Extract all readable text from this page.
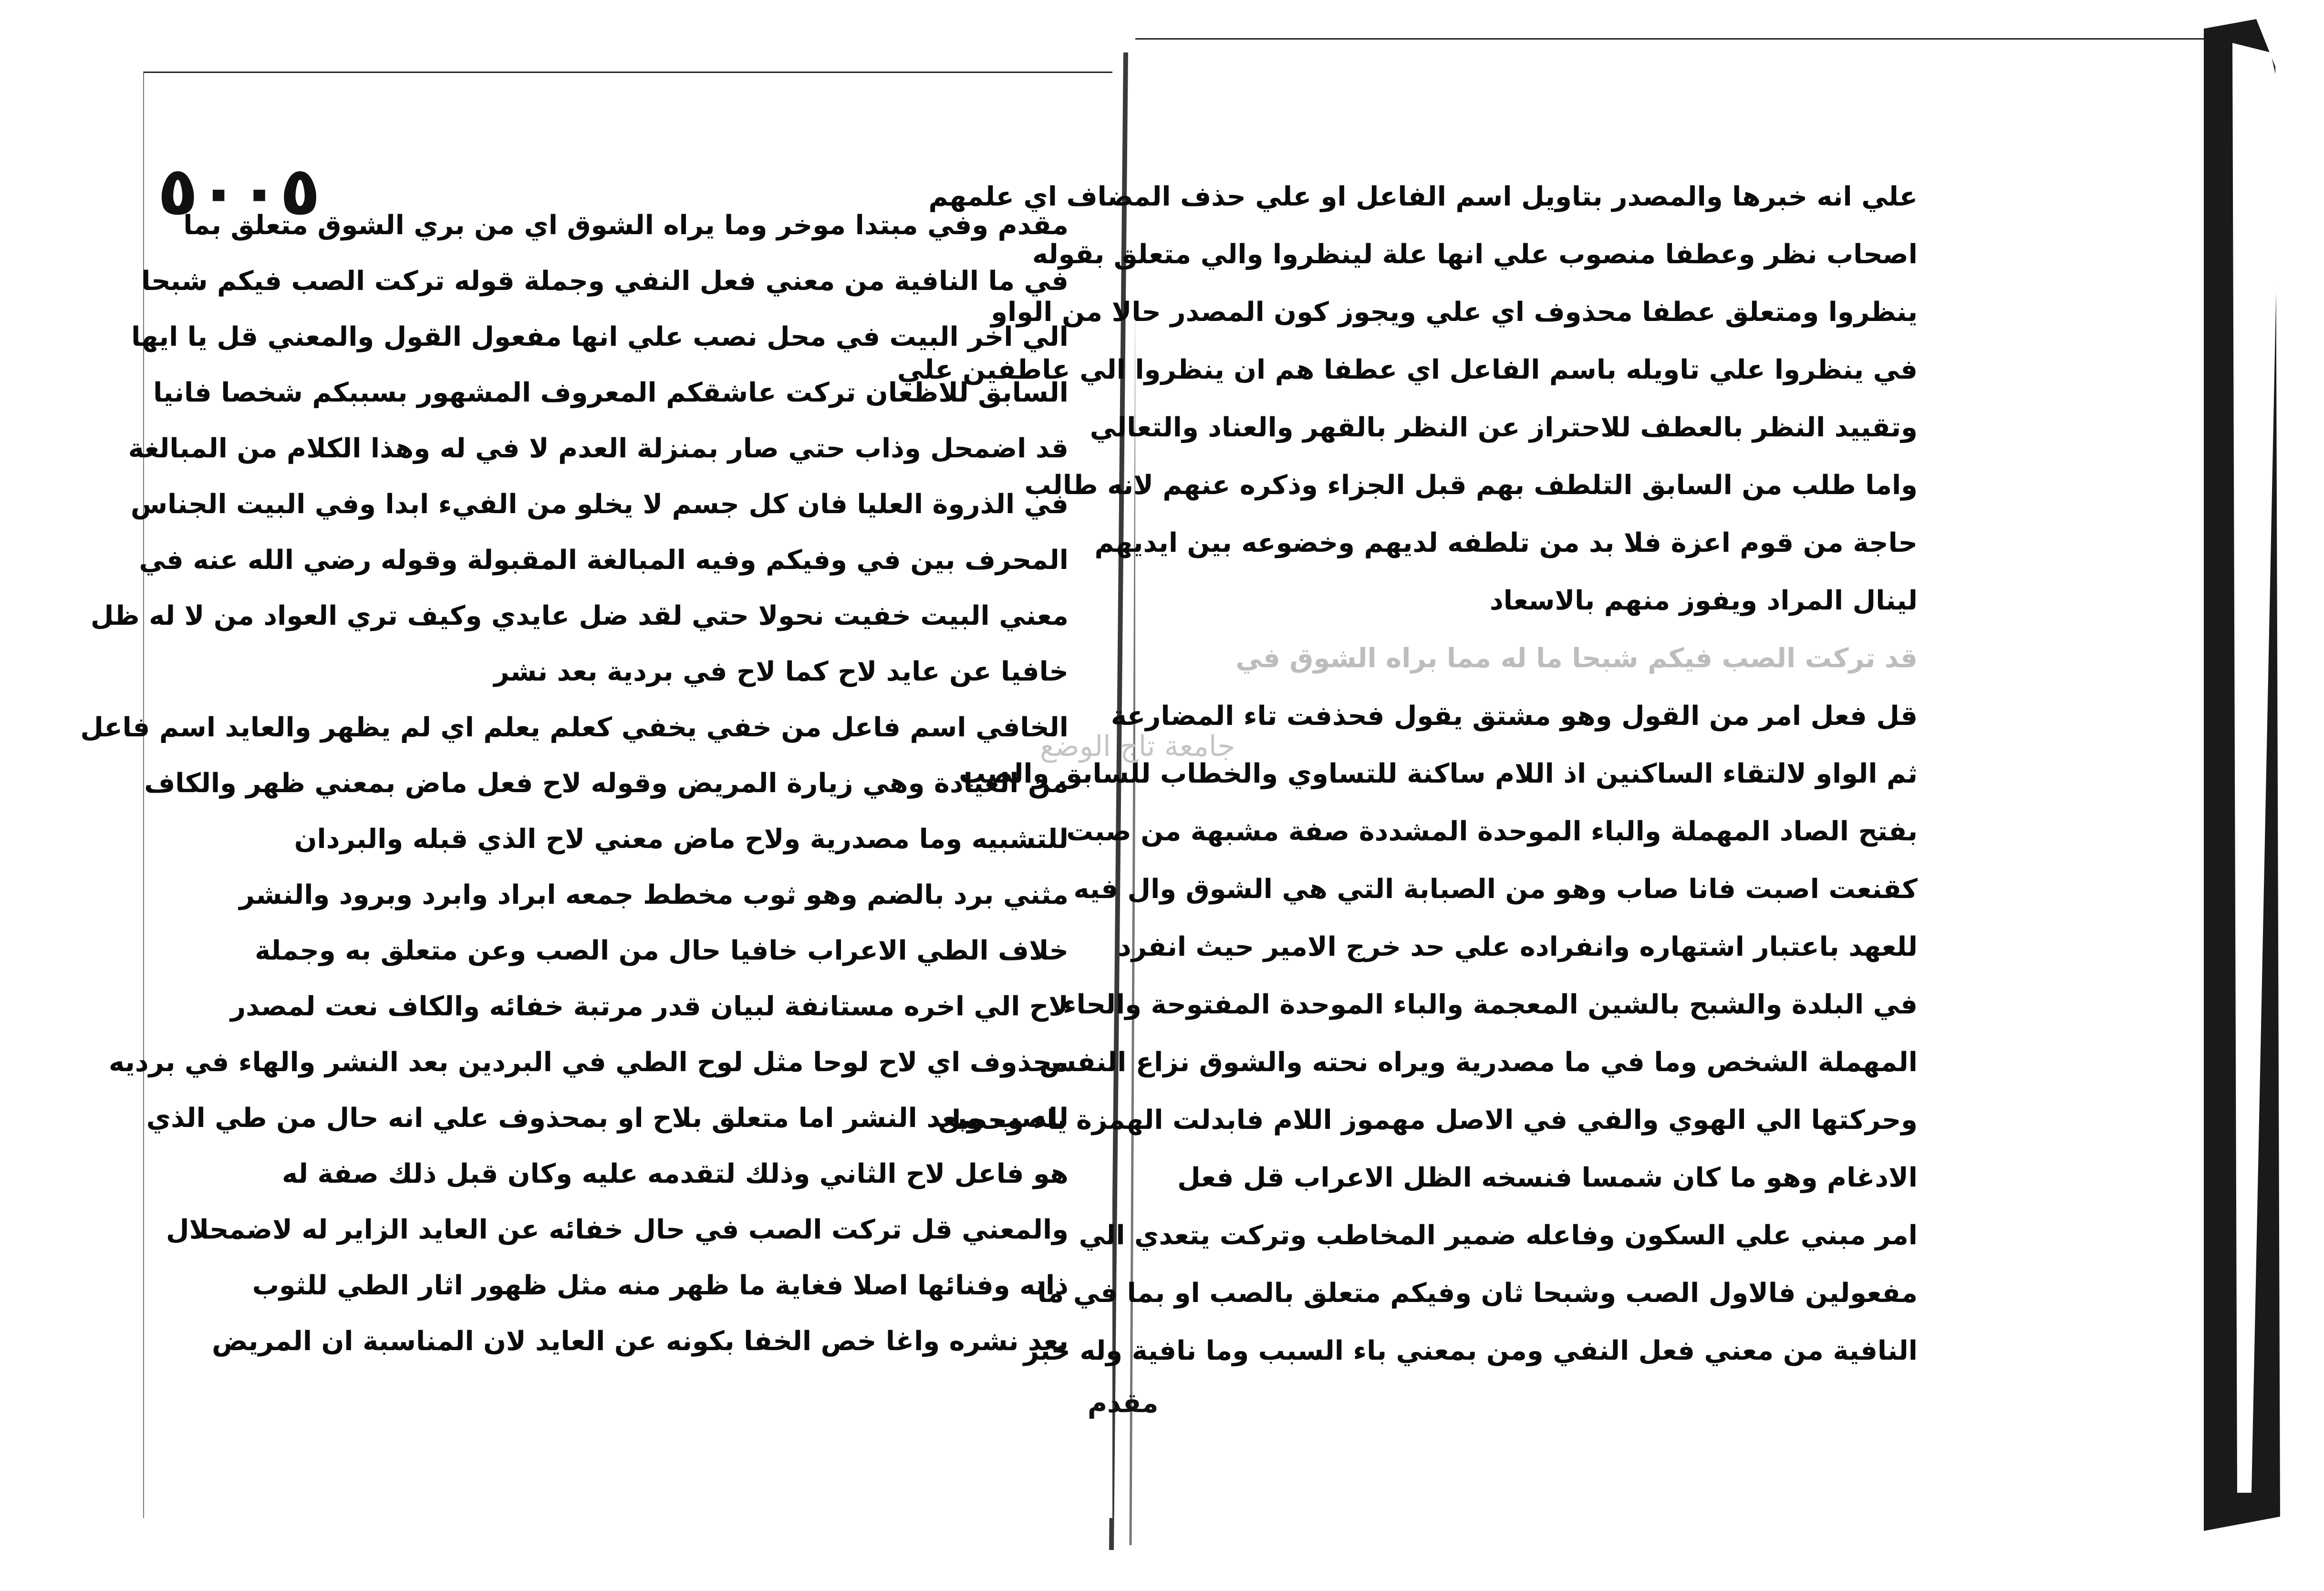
٥٠٠٥
مقدم وفي مبتدا موخر وما يراه الشوق اي من بري الشوق متعلق بما
في ما النافية من معني فعل النفي وجملة قوله تركت الصب فيكم شبحا
الي اخر البيت في محل نصب علي انها مفعول القول والمعني قل يا ايها
السابق للاظعان تركت عاشقكم المعروف المشهور بسببكم شخصا فانيا
قد اضمحل وذاب حتي صار بمنزلة العدم لا في له وهذا الكلام من المبالغة
في الذروة العليا فان كل جسم لا يخلو من الفيء ابدا وفي البيت الجناس
المحرف بين في وفيكم وفيه المبالغة المقبولة وقوله رضي الله عنه في
معني البيت خفيت نحولا حتي لقد ضل عايدي وكيف تري العواد من لا له ظل
خافيا عن عايد لاح كما لاح في بردية بعد نشر
الخافي اسم فاعل من خفي يخفي كعلم يعلم اي لم يظهر والعايد اسم فاعل
من العيادة وهي زيارة المريض وقوله لاح فعل ماض بمعني ظهر والكاف
للتشبيه وما مصدرية ولاح ماض معني لاح الذي قبله والبردان
مثني برد بالضم وهو ثوب مخطط جمعه ابراد وابرد وبرود والنشر
خلاف الطي الاعراب خافيا حال من الصب وعن متعلق به وجملة
لاح الي اخره مستانفة لبيان قدر مرتبة خفائه والكاف نعت لمصدر
محذوف اي لاح لوحا مثل لوح الطي في البردين بعد النشر والهاء في برديه
للصب وبعد النشر اما متعلق بلاح او بمحذوف علي انه حال من طي الذي
هو فاعل لاح الثاني وذلك لتقدمه عليه وكان قبل ذلك صفة له
والمعني قل تركت الصب في حال خفائه عن العايد الزاير له لاضمحلال
ذاته وفنائها اصلا فغاية ما ظهر منه مثل ظهور اثار الطي للثوب
بعد نشره واغا خص الخفا بكونه عن العايد لان المناسبة ان المريض
علي انه خبرها والمصدر بتاويل اسم الفاعل او علي حذف المضاف اي علمهم
اصحاب نظر وعطفا منصوب علي انها علة لينظروا والي متعلق بقوله
ينظروا ومتعلق عطفا محذوف اي علي ويجوز كون المصدر حالا من الواو
في ينظروا علي تاويله باسم الفاعل اي عطفا هم ان ينظروا الي عاطفين علي
وتقييد النظر بالعطف للاحتراز عن النظر بالقهر والعناد والتعالي
واما طلب من السابق التلطف بهم قبل الجزاء وذكره عنهم لانه طالب
حاجة من قوم اعزة فلا بد من تلطفه لديهم وخضوعه بين ايديهم
لينال المراد ويفوز منهم بالاسعاد
قد تركت الصب فيكم شبحا ما له مما براه الشوق في
قل فعل امر من القول وهو مشتق يقول فحذفت تاء المضارعة
ثم الواو لالتقاء الساكنين اذ اللام ساكنة للتساوي والخطاب للسابق والصب
بفتح الصاد المهملة والباء الموحدة المشددة صفة مشبهة من صبت
كقنعت اصبت فانا صاب وهو من الصبابة التي هي الشوق وال فيه
للعهد باعتبار اشتهاره وانفراده علي حد خرج الامير حيث انفرد
في البلدة والشبح بالشين المعجمة والباء الموحدة المفتوحة والحاء
المهملة الشخص وما في ما مصدرية ويراه نحته والشوق نزاع النفس
وحركتها الي الهوي والفي في الاصل مهموز اللام فابدلت الهمزة ياء وحصل
الادغام وهو ما كان شمسا فنسخه الظل الاعراب قل فعل
امر مبني علي السكون وفاعله ضمير المخاطب وتركت يتعدي الي
مفعولين فالاول الصب وشبحا ثان وفيكم متعلق بالصب او بما في ما
النافية من معني فعل النفي ومن بمعني باء السبب وما نافية وله خبر
مقدم
جامعة تاج الوضع
